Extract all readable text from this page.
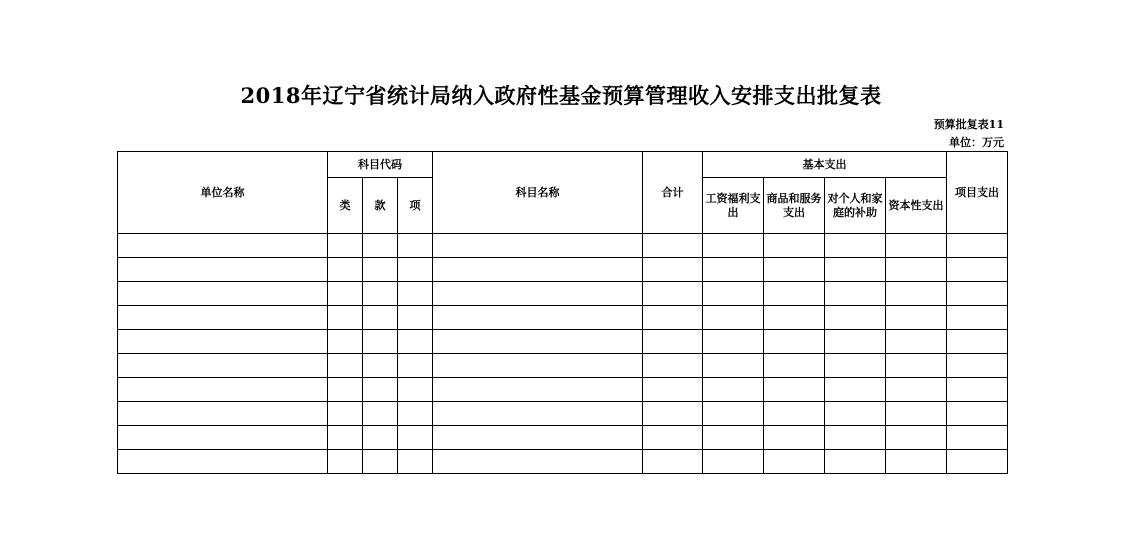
2018年辽宁省统计局纳入政府性基金预算管理收入安排支出批复表
预算批复表11
单位：万元
单位名称	科目代码			科目名称	合计	基本支出				项目支出
	类	款	项			工资福利支出	商品和服务支出	对个人和家庭的补助	资本性支出	
